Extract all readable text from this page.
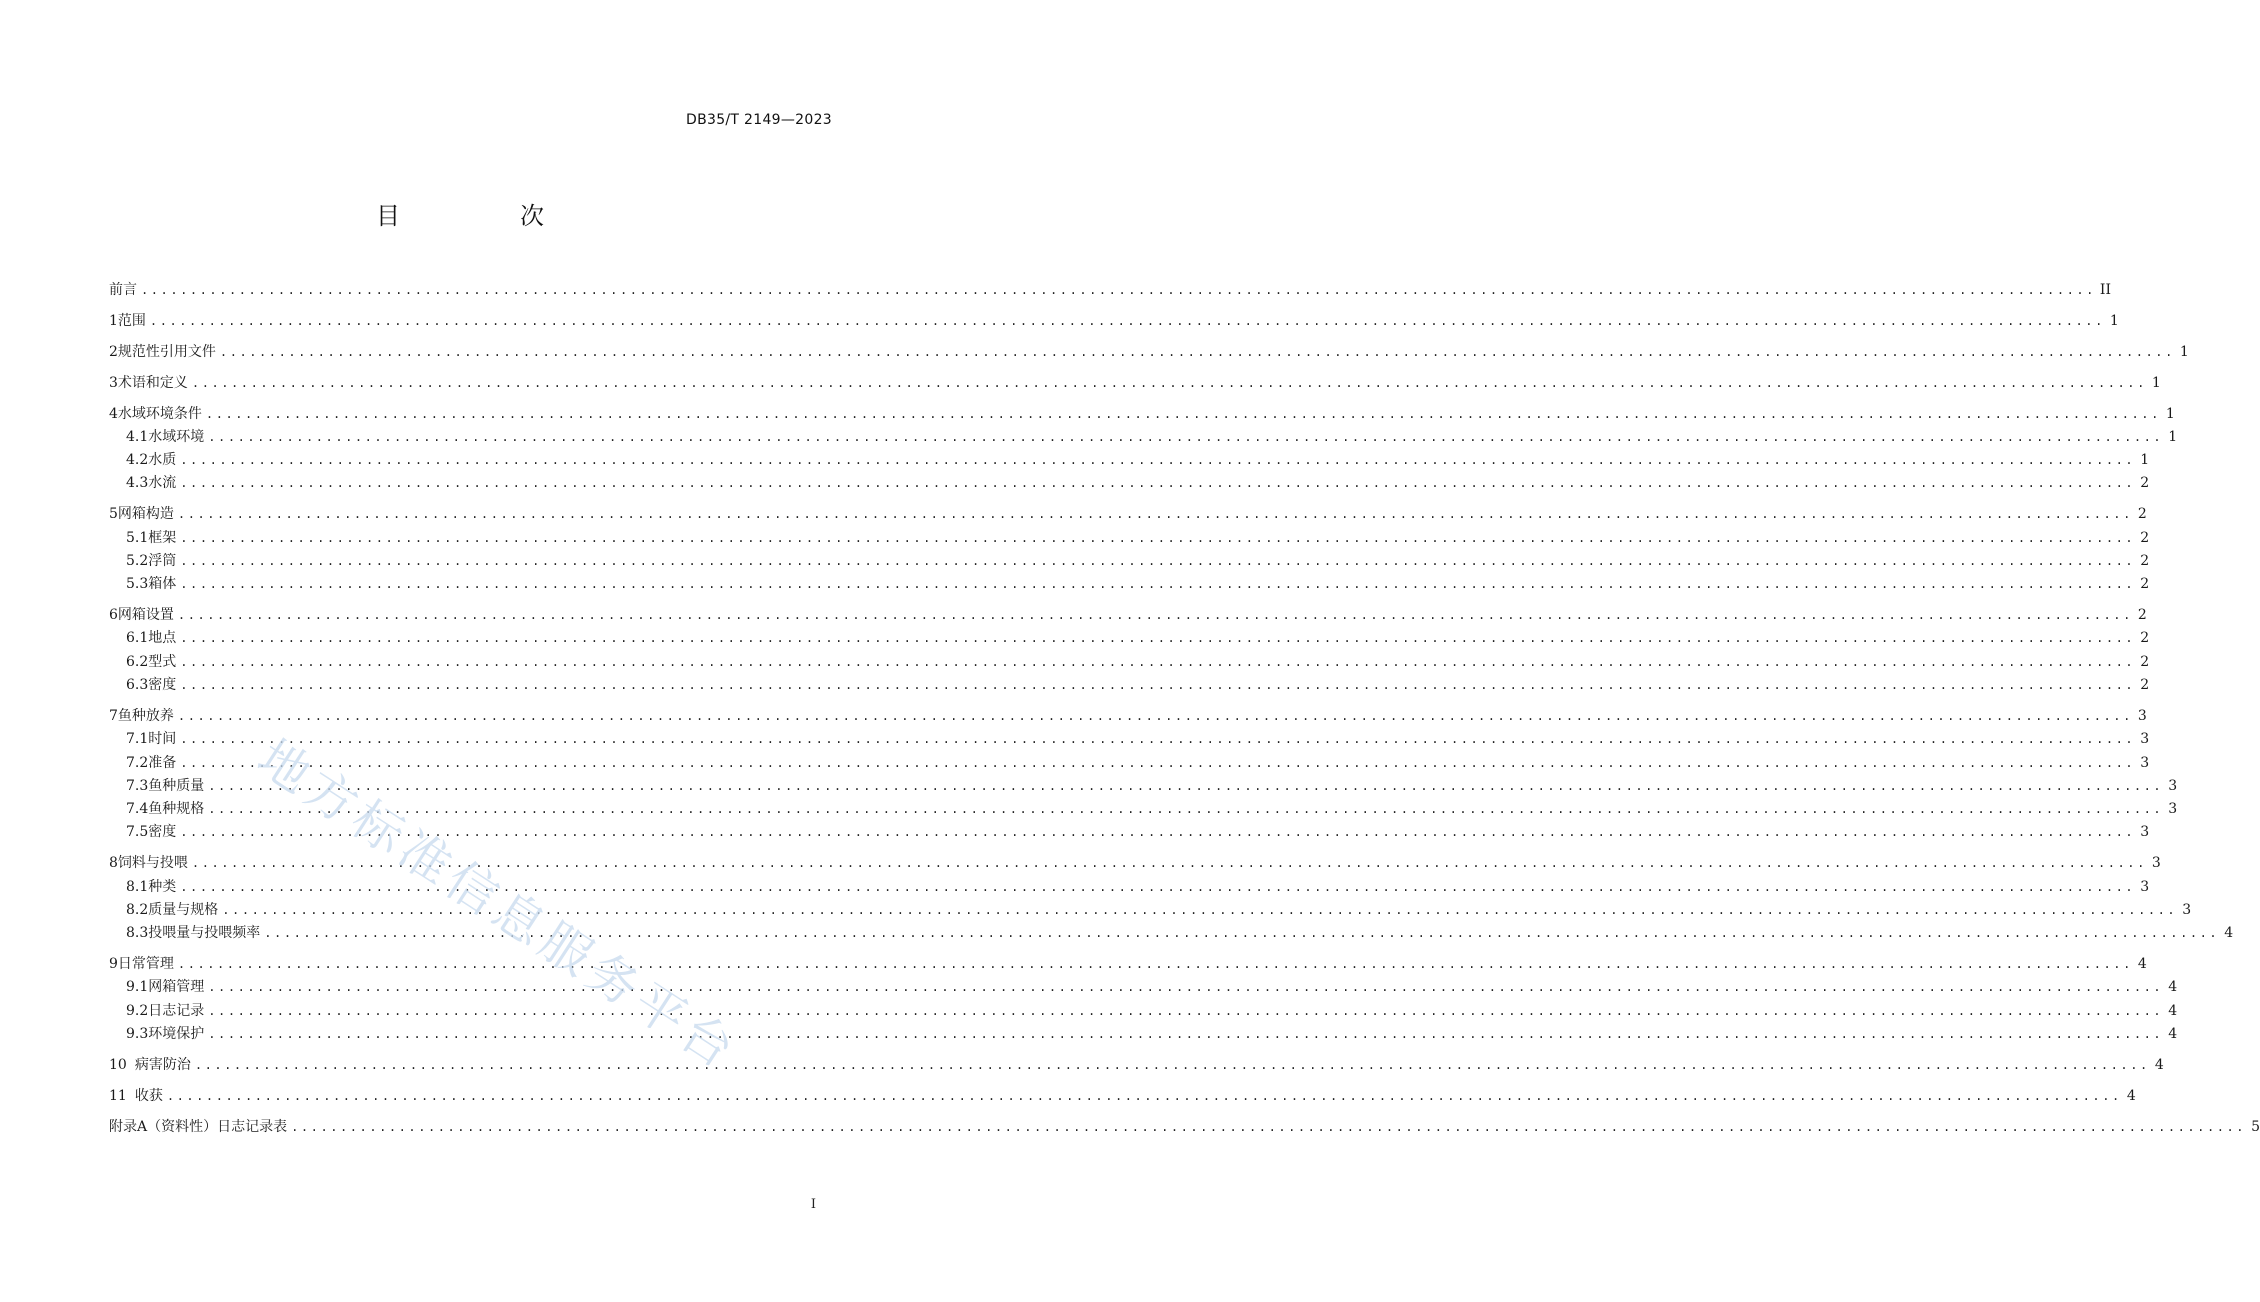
DB35/T 2149—2023
目　次
前言 ........................................................................................................................................................................................................ II
1 范围 ........................................................................................................................................................................................................ 1
2 规范性引用文件 ........................................................................................................................................................................................................ 1
3 术语和定义 ........................................................................................................................................................................................................ 1
4 水域环境条件 ........................................................................................................................................................................................................ 1
4.1 水域环境 ........................................................................................................................................................................................................ 1
4.2 水质 ........................................................................................................................................................................................................ 1
4.3 水流 ........................................................................................................................................................................................................ 2
5 网箱构造 ........................................................................................................................................................................................................ 2
5.1 框架 ........................................................................................................................................................................................................ 2
5.2 浮筒 ........................................................................................................................................................................................................ 2
5.3 箱体 ........................................................................................................................................................................................................ 2
6 网箱设置 ........................................................................................................................................................................................................ 2
6.1 地点 ........................................................................................................................................................................................................ 2
6.2 型式 ........................................................................................................................................................................................................ 2
6.3 密度 ........................................................................................................................................................................................................ 2
7 鱼种放养 ........................................................................................................................................................................................................ 3
7.1 时间 ........................................................................................................................................................................................................ 3
7.2 准备 ........................................................................................................................................................................................................ 3
7.3 鱼种质量 ........................................................................................................................................................................................................ 3
7.4 鱼种规格 ........................................................................................................................................................................................................ 3
7.5 密度 ........................................................................................................................................................................................................ 3
8 饲料与投喂 ........................................................................................................................................................................................................ 3
8.1 种类 ........................................................................................................................................................................................................ 3
8.2 质量与规格 ........................................................................................................................................................................................................ 3
8.3 投喂量与投喂频率 ........................................................................................................................................................................................................ 4
9 日常管理 ........................................................................................................................................................................................................ 4
9.1 网箱管理 ........................................................................................................................................................................................................ 4
9.2 日志记录 ........................................................................................................................................................................................................ 4
9.3 环境保护 ........................................................................................................................................................................................................ 4
10 病害防治 ........................................................................................................................................................................................................ 4
11 收获 ........................................................................................................................................................................................................ 4
附录A（资料性） 日志记录表 ........................................................................................................................................................................................................ 5
地方标准信息服务平台
I
